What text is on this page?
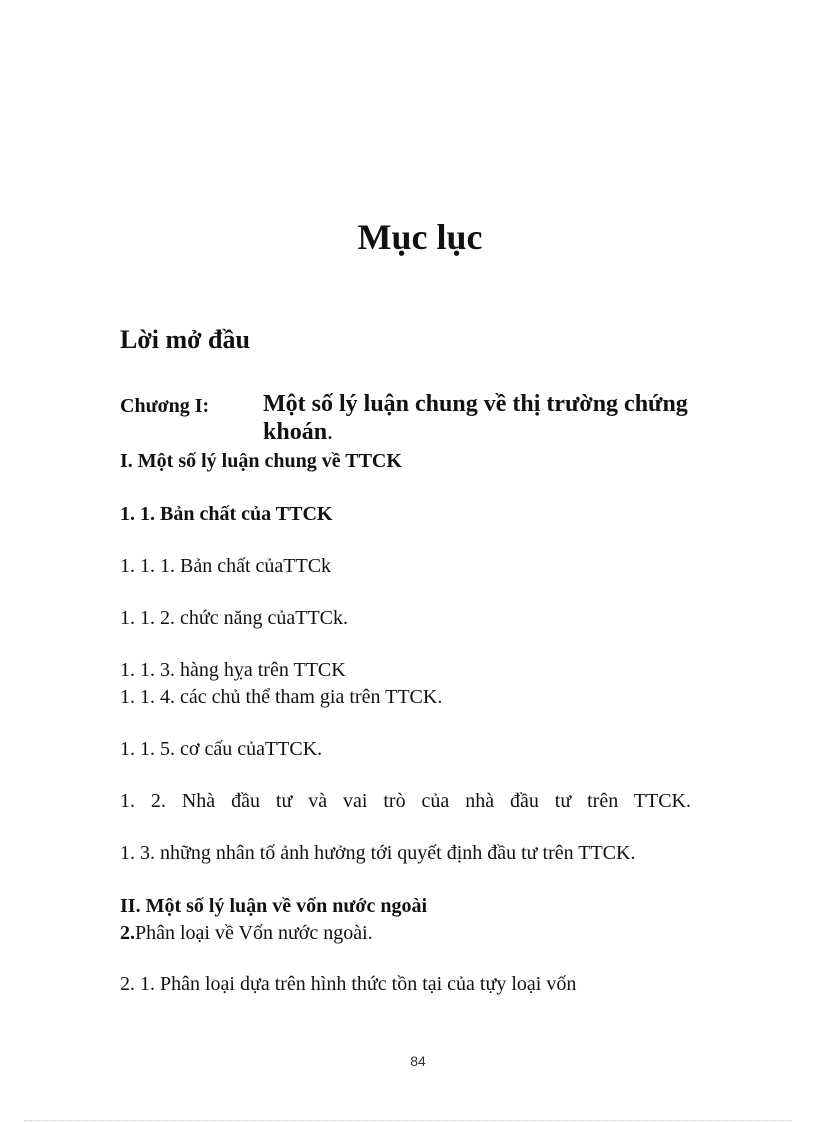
Mục lục
Lời mở đầu
Chương I: Một số lý luận chung về thị trường chứng khoán.
I. Một số lý luận chung về TTCK
1. 1. Bản chất của TTCK
1. 1. 1. Bản chất củaTTCk
1. 1. 2. chức năng củaTTCk.
1. 1. 3. hàng hỵa trên TTCK
1. 1. 4. các chủ thể tham gia trên TTCK.
1. 1. 5. cơ cấu củaTTCK.
1. 2. Nhà đầu tư và vai trò của nhà đầu tư trên TTCK.
1. 3. những nhân tố ảnh hưởng tới quyết định đầu tư trên TTCK.
II. Một số lý luận về vốn nước ngoài
2.Phân loại về Vốn nước ngoài.
2. 1. Phân loại dựa trên hình thức tồn tại của tựy loại vốn
84
